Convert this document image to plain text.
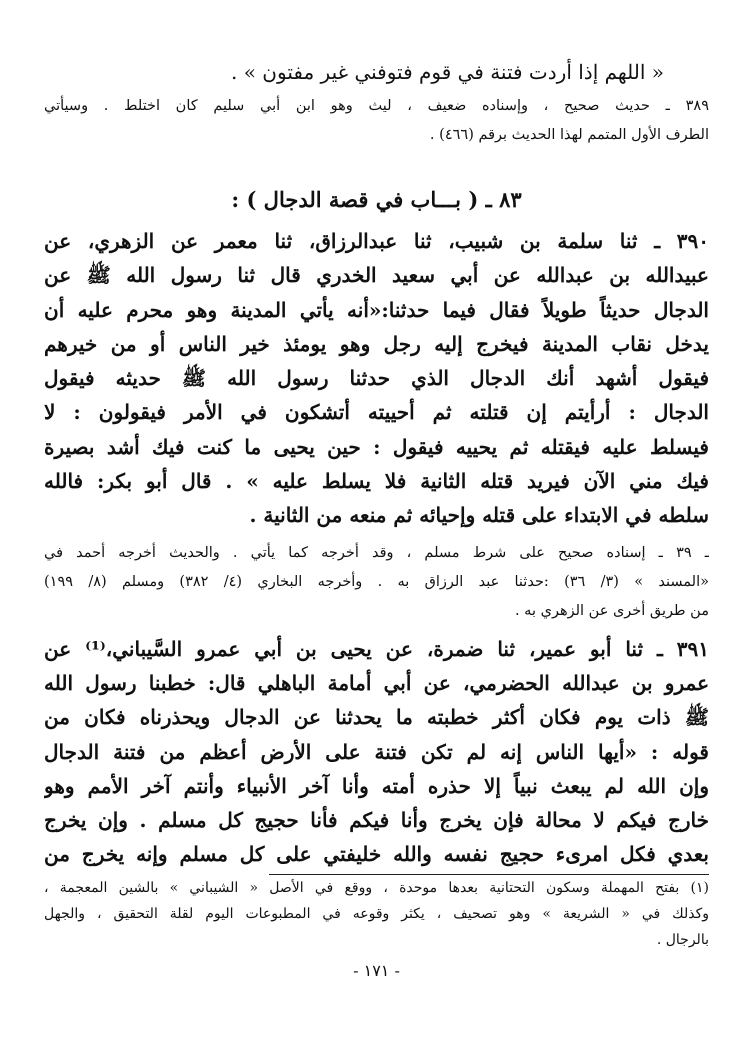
« اللهم إذا أردت فتنة في قوم فتوفني غير مفتون » .
٣٨٩ ـ حديث صحيح ، وإسناده ضعيف ، ليث وهو ابن أبي سليم كان اختلط . وسيأتي
الطرف الأول المتمم لهذا الحديث برقم (٤٦٦) .
٨٣ ـ ( بـــاب في قصة الدجال ) :
٣٩٠ ـ ثنا سلمة بن شبيب، ثنا عبدالرزاق، ثنا معمر عن الزهري، عن
عبيدالله بن عبدالله عن أبي سعيد الخدري قال ثنا رسول الله ﷺ عن
الدجال حديثاً طويلاً فقال فيما حدثنا:«أنه يأتي المدينة وهو محرم عليه أن
يدخل نقاب المدينة فيخرج إليه رجل وهو يومئذ خير الناس أو من خيرهم
فيقول أشهد أنك الدجال الذي حدثنا رسول الله ﷺ حديثه فيقول
الدجال : أرأيتم إن قتلته ثم أحييته أتشكون في الأمر فيقولون : لا
فيسلط عليه فيقتله ثم يحييه فيقول : حين يحيى ما كنت فيك أشد بصيرة
فيك مني الآن فيريد قتله الثانية فلا يسلط عليه » . قال أبو بكر: فالله
سلطه في الابتداء على قتله وإحيائه ثم منعه من الثانية .
ـ ٣٩ ـ إسناده صحيح على شرط مسلم ، وقد أخرجه كما يأتي . والحديث أخرجه أحمد في
«المسند » (٣/ ٣٦) :حدثنا عبد الرزاق به . وأخرجه البخاري (٤/ ٣٨٢) ومسلم (٨/ ١٩٩)
من طريق أخرى عن الزهري به .
٣٩١ ـ ثنا أبو عمير، ثنا ضمرة، عن يحيى بن أبي عمرو السَّيباني،⁽¹⁾ عن
عمرو بن عبدالله الحضرمي، عن أبي أمامة الباهلي قال: خطبنا رسول الله
ﷺ ذات يوم فكان أكثر خطبته ما يحدثنا عن الدجال ويحذرناه فكان من
قوله : «أيها الناس إنه لم تكن فتنة على الأرض أعظم من فتنة الدجال
وإن الله لم يبعث نبياً إلا حذره أمته وأنا آخر الأنبياء وأنتم آخر الأمم وهو
خارج فيكم لا محالة فإن يخرج وأنا فيكم فأنا حجيج كل مسلم . وإن يخرج
بعدي فكل امرىء حجيج نفسه والله خليفتي على كل مسلم وإنه يخرج من
(١) بفتح المهملة وسكون التحتانية بعدها موحدة ، ووقع في الأصل « الشيباني » بالشين المعجمة ،
وكذلك في « الشريعة » وهو تصحيف ، يكثر وقوعه في المطبوعات اليوم لقلة التحقيق ، والجهل
بالرجال .
- ١٧١ -
